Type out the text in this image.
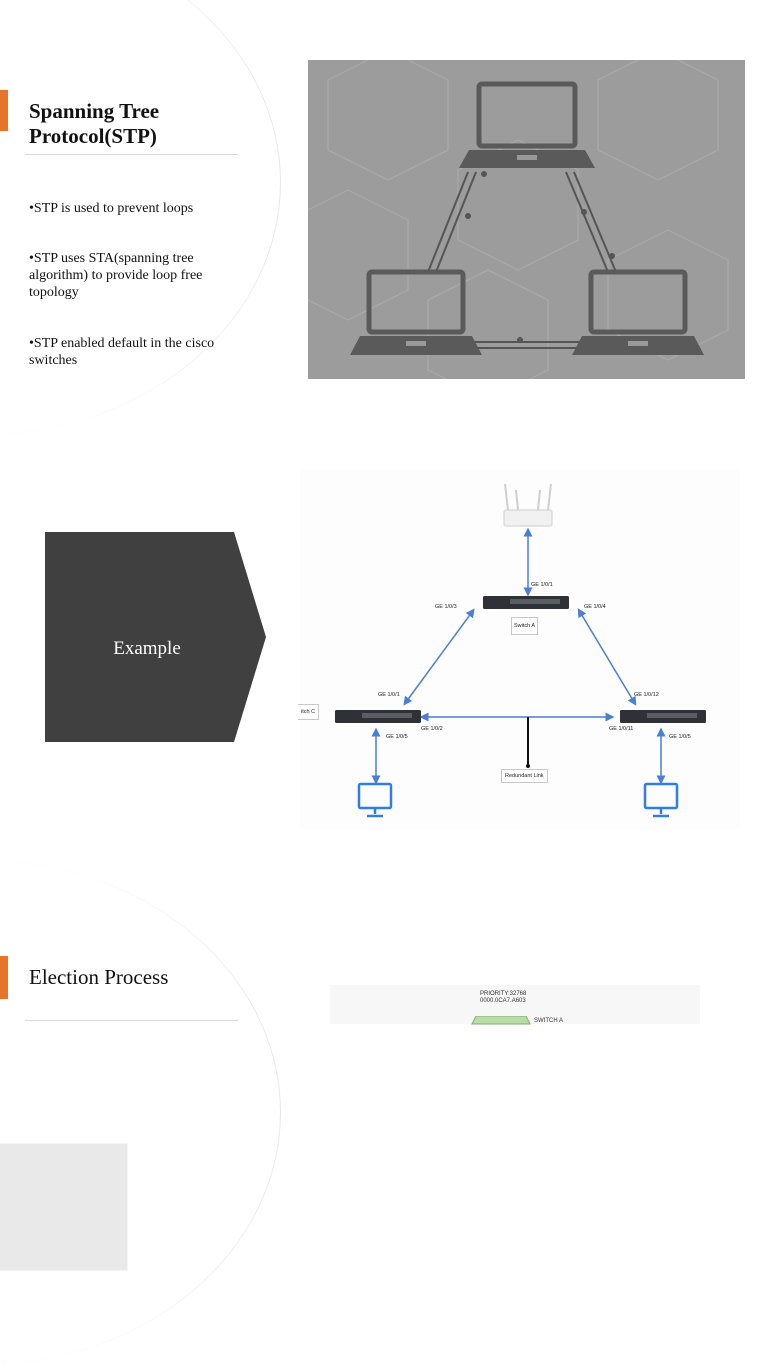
Spanning Tree Protocol(STP)
•STP is used to prevent loops
•STP uses STA(spanning tree algorithm) to provide loop free topology
•STP enabled default in the cisco switches
Example
GE 1/0/1
GE 1/0/3	GE 1/0/4
Switch A
GE 1/0/1
itch C
GE 1/0/2
GE 1/0/5
GE 1/0/12
GE 1/0/11
GE 1/0/5
Redundant Link
Election Process
PRIORITY:32768
0000.0CA7.A603
SWITCH A
